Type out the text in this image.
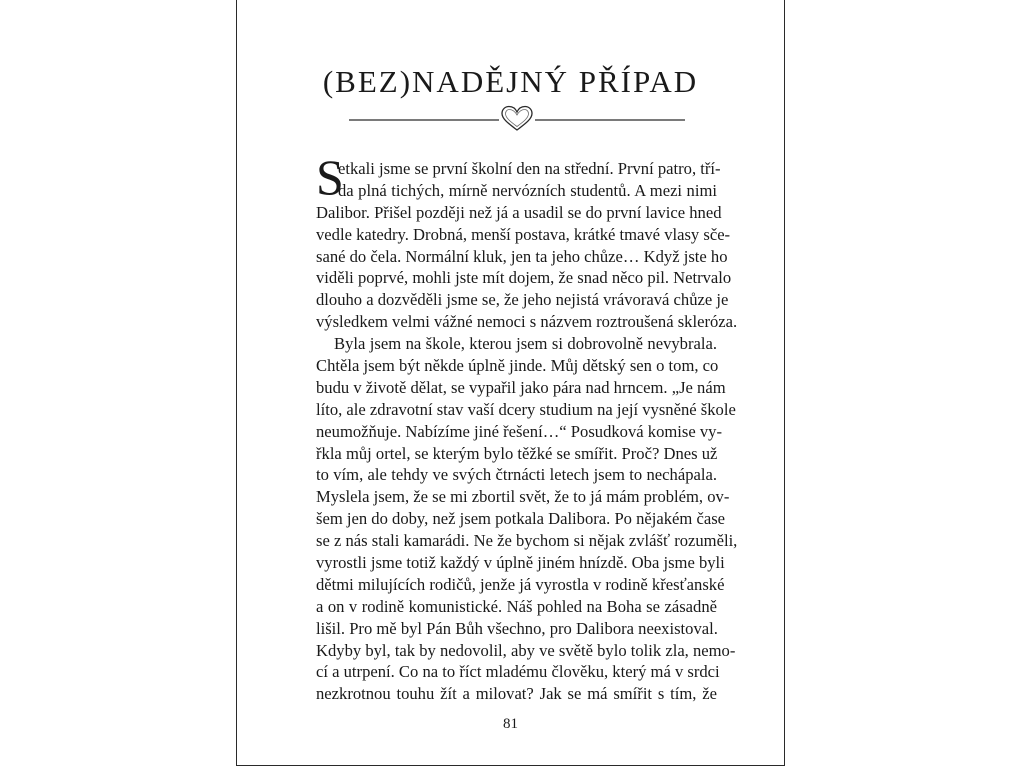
(BEZ)NADĚJNÝ PŘÍPAD
S
etkali jsme se první školní den na střední. První patro, tří-
da plná tichých, mírně nervózních studentů. A mezi nimi
Dalibor. Přišel později než já a usadil se do první lavice hned
vedle katedry. Drobná, menší postava, krátké tmavé vlasy sče-
sané do čela. Normální kluk, jen ta jeho chůze… Když jste ho
viděli poprvé, mohli jste mít dojem, že snad něco pil. Netrvalo
dlouho a dozvěděli jsme se, že jeho nejistá vrávoravá chůze je
výsledkem velmi vážné nemoci s názvem roztroušená skleróza.
Byla jsem na škole, kterou jsem si dobrovolně nevybrala.
Chtěla jsem být někde úplně jinde. Můj dětský sen o tom, co
budu v životě dělat, se vypařil jako pára nad hrncem. „Je nám
líto, ale zdravotní stav vaší dcery studium na její vysněné škole
neumožňuje. Nabízíme jiné řešení…“ Posudková komise vy-
řkla můj ortel, se kterým bylo těžké se smířit. Proč? Dnes už
to vím, ale tehdy ve svých čtrnácti letech jsem to nechápala.
Myslela jsem, že se mi zbortil svět, že to já mám problém, ov-
šem jen do doby, než jsem potkala Dalibora. Po nějakém čase
se z nás stali kamarádi. Ne že bychom si nějak zvlášť rozuměli,
vyrostli jsme totiž každý v úplně jiném hnízdě. Oba jsme byli
dětmi milujících rodičů, jenže já vyrostla v rodině křesťanské
a on v rodině komunistické. Náš pohled na Boha se zásadně
lišil. Pro mě byl Pán Bůh všechno, pro Dalibora neexistoval.
Kdyby byl, tak by nedovolil, aby ve světě bylo tolik zla, nemo-
cí a utrpení. Co na to říct mladému člověku, který má v srdci
nezkrotnou touhu žít a milovat? Jak se má smířit s tím, že
81
